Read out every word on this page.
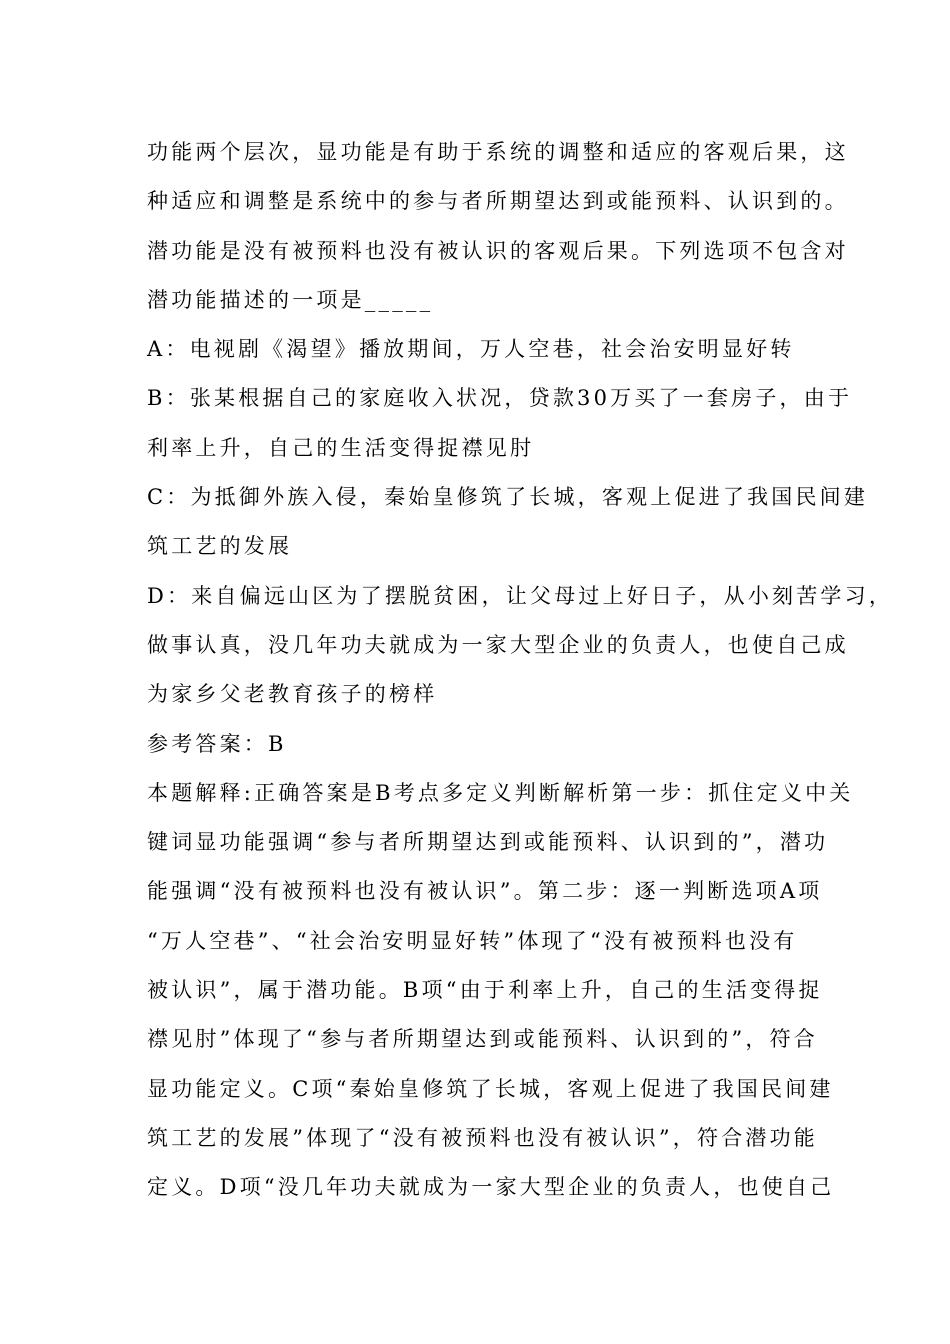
功能两个层次，显功能是有助于系统的调整和适应的客观后果，这
种适应和调整是系统中的参与者所期望达到或能预料、认识到的。
潜功能是没有被预料也没有被认识的客观后果。下列选项不包含对
潜功能描述的一项是_____
A：电视剧《渴望》播放期间，万人空巷，社会治安明显好转
B：张某根据自己的家庭收入状况，贷款30万买了一套房子，由于
利率上升，自己的生活变得捉襟见肘
C：为抵御外族入侵，秦始皇修筑了长城，客观上促进了我国民间建
筑工艺的发展
D：来自偏远山区为了摆脱贫困，让父母过上好日子，从小刻苦学习，
做事认真，没几年功夫就成为一家大型企业的负责人，也使自己成
为家乡父老教育孩子的榜样
参考答案：B
本题解释:正确答案是B考点多定义判断解析第一步：抓住定义中关
键词显功能强调“参与者所期望达到或能预料、认识到的”，潜功
能强调“没有被预料也没有被认识”。第二步：逐一判断选项A项
“万人空巷”、“社会治安明显好转”体现了“没有被预料也没有
被认识”，属于潜功能。B项“由于利率上升，自己的生活变得捉
襟见肘”体现了“参与者所期望达到或能预料、认识到的”，符合
显功能定义。C项“秦始皇修筑了长城，客观上促进了我国民间建
筑工艺的发展”体现了“没有被预料也没有被认识”，符合潜功能
定义。D项“没几年功夫就成为一家大型企业的负责人，也使自己
